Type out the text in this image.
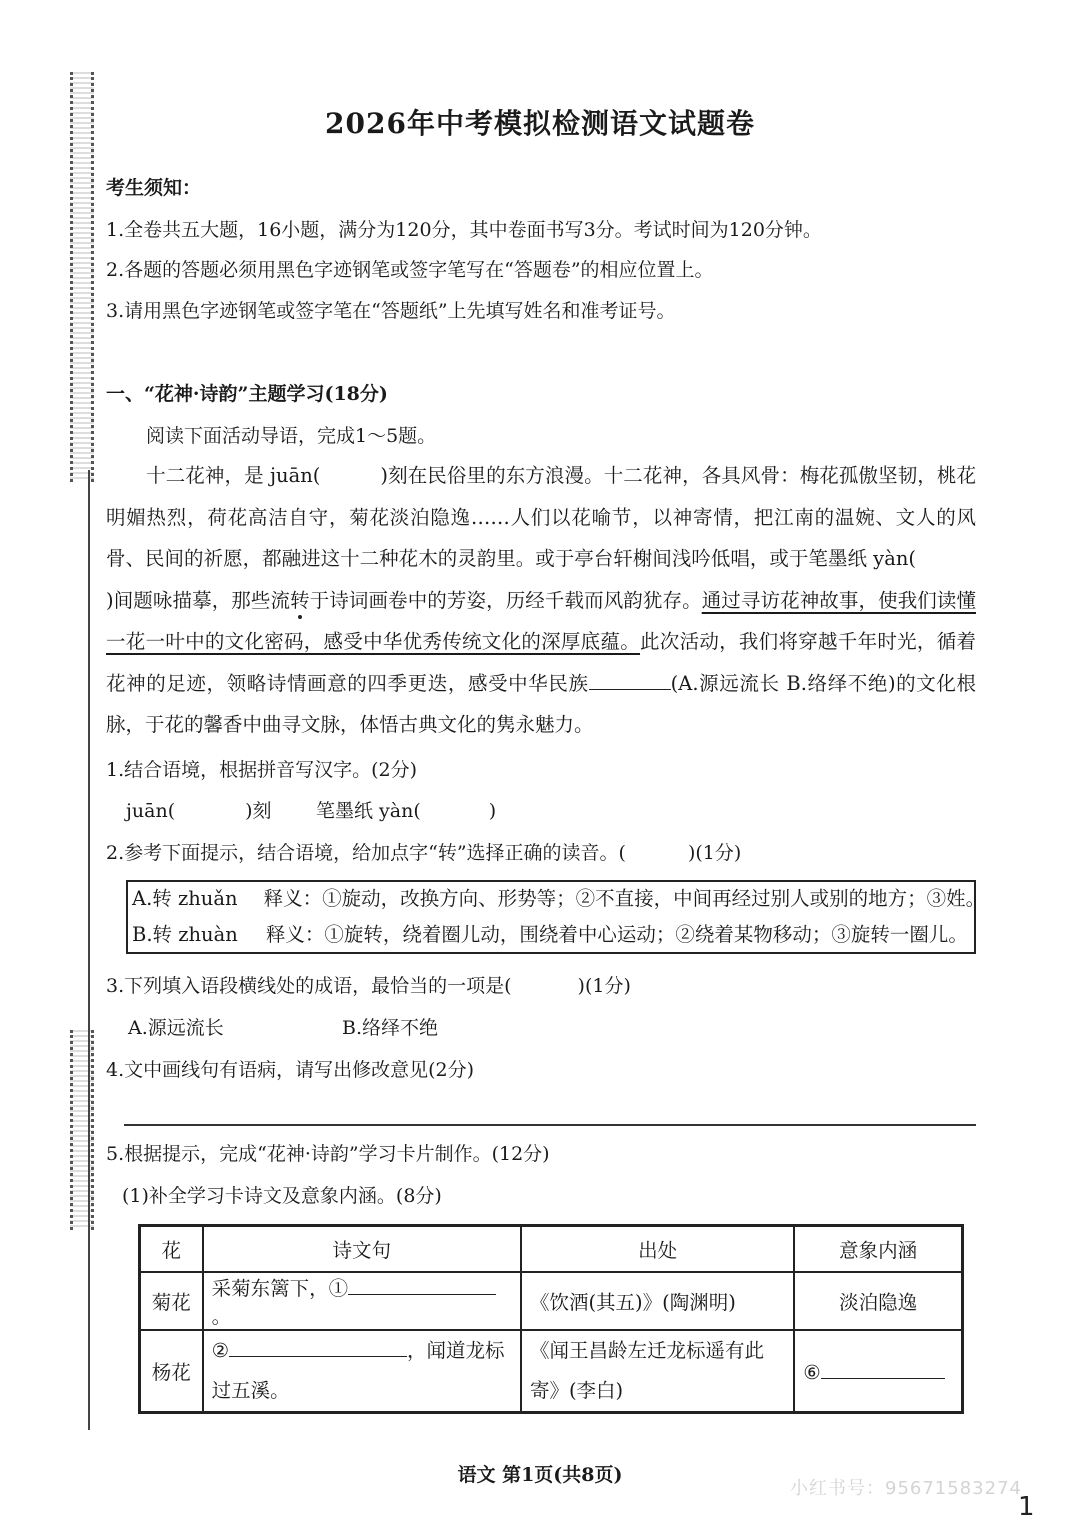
2026年中考模拟检测语文试题卷
考生须知：
1.全卷共五大题，16小题，满分为120分，其中卷面书写3分。考试时间为120分钟。
2.各题的答题必须用黑色字迹钢笔或签字笔写在“答题卷”的相应位置上。
3.请用黑色字迹钢笔或签字笔在“答题纸”上先填写姓名和准考证号。
一、“花神·诗韵”主题学习(18分)
阅读下面活动导语，完成1～5题。
十二花神，是 juān(	)刻在民俗里的东方浪漫。十二花神，各具风骨：梅花孤傲坚韧，桃花明媚热烈，荷花高洁自守，菊花淡泊隐逸……人们以花喻节，以神寄情，把江南的温婉、文人的风骨、民间的祈愿，都融进这十二种花木的灵韵里。或于亭台轩榭间浅吟低唱，或于笔墨纸 yàn()间题咏描摹，那些流转于诗词画卷中的芳姿，历经千载而风韵犹存。通过寻访花神故事，使我们读懂一花一叶中的文化密码，感受中华优秀传统文化的深厚底蕴。此次活动，我们将穿越千年时光，循着花神的足迹，领略诗情画意的四季更迭，感受中华民族	(A.源远流长 B.络绎不绝)的文化根脉，于花的馨香中曲寻文脉，体悟古典文化的隽永魅力。
1.结合语境，根据拼音写汉字。(2分)
juān(	)刻 笔墨纸 yàn(	)
2.参考下面提示，结合语境，给加点字“转”选择正确的读音。(	)(1分)
A.转 zhuǎn 释义：①旋动，改换方向、形势等；②不直接，中间再经过别人或别的地方；③姓。
B.转 zhuàn 释义：①旋转，绕着圈儿动，围绕着中心运动；②绕着某物移动；③旋转一圈儿。
3.下列填入语段横线处的成语，最恰当的一项是(	)(1分)
A.源远流长	B.络绎不绝
4.文中画线句有语病，请写出修改意见(2分)
5.根据提示，完成“花神·诗韵”学习卡片制作。(12分)
(1)补全学习卡诗文及意象内涵。(8分)
花	诗文句	出处	意象内涵
菊花	采菊东篱下，①。	《饮酒(其五)》(陶渊明)	淡泊隐逸
杨花	② ，闻道龙标过五溪。	《闻王昌龄左迁龙标遥有此寄》(李白)	⑥
语文 第1页(共8页)
小红书号：95671583274
1
